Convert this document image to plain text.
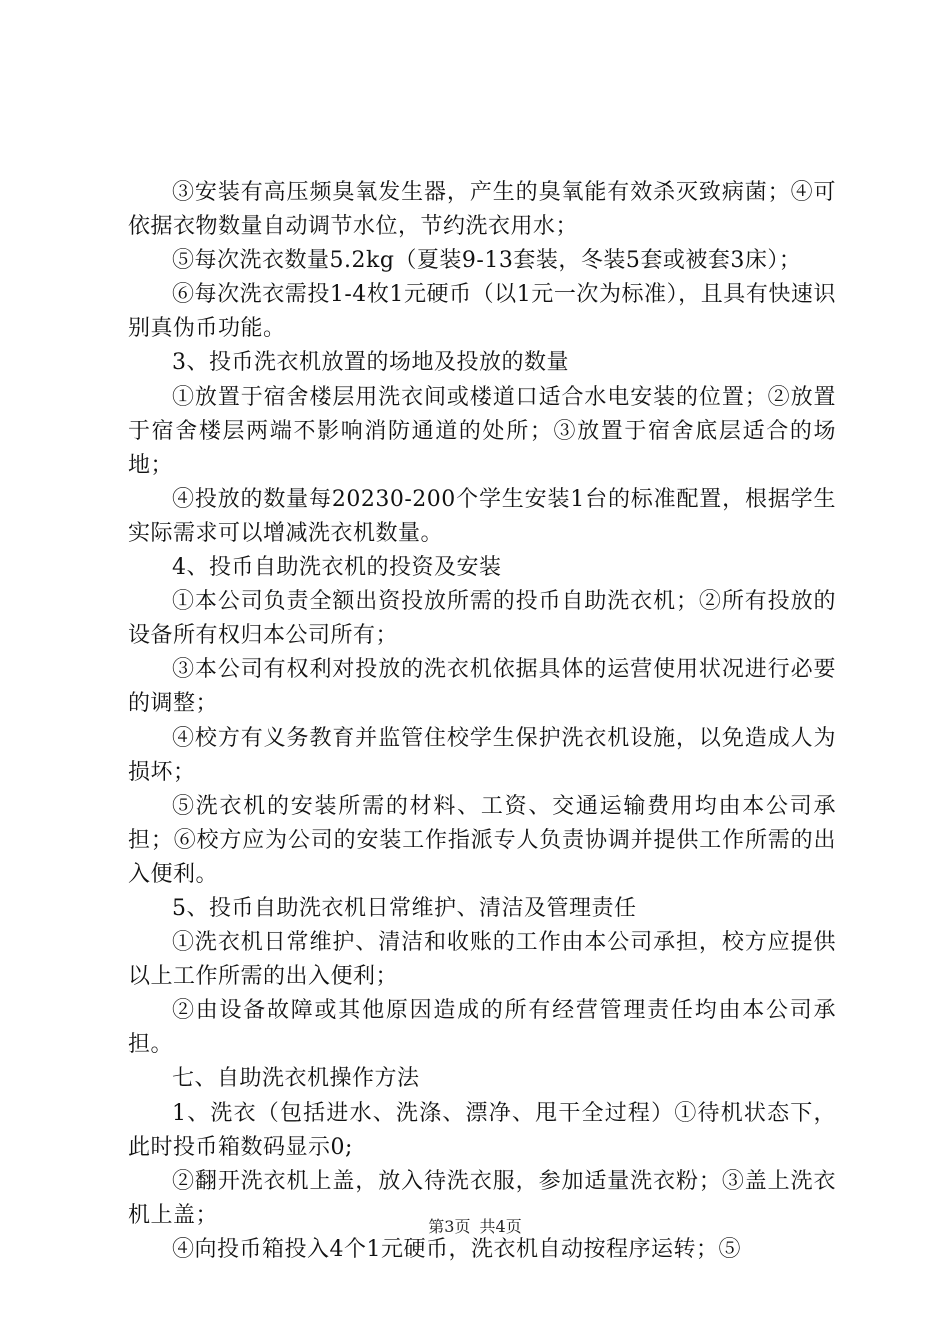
③安装有高压频臭氧发生器，产生的臭氧能有效杀灭致病菌；④可依据衣物数量自动调节水位，节约洗衣用水；

⑤每次洗衣数量5.2kg（夏装9-13套装，冬装5套或被套3床）；

⑥每次洗衣需投1-4枚1元硬币（以1元一次为标准），且具有快速识别真伪币功能。

3、投币洗衣机放置的场地及投放的数量

①放置于宿舍楼层用洗衣间或楼道口适合水电安装的位置；②放置于宿舍楼层两端不影响消防通道的处所；③放置于宿舍底层适合的场地；

④投放的数量每20230-200个学生安装1台的标准配置，根据学生实际需求可以增减洗衣机数量。

4、投币自助洗衣机的投资及安装

①本公司负责全额出资投放所需的投币自助洗衣机；②所有投放的设备所有权归本公司所有；

③本公司有权利对投放的洗衣机依据具体的运营使用状况进行必要的调整；

④校方有义务教育并监管住校学生保护洗衣机设施，以免造成人为损坏；

⑤洗衣机的安装所需的材料、工资、交通运输费用均由本公司承担；⑥校方应为公司的安装工作指派专人负责协调并提供工作所需的出入便利。

5、投币自助洗衣机日常维护、清洁及管理责任

①洗衣机日常维护、清洁和收账的工作由本公司承担，校方应提供以上工作所需的出入便利；

②由设备故障或其他原因造成的所有经营管理责任均由本公司承担。

七、自助洗衣机操作方法

1、洗衣（包括进水、洗涤、漂净、甩干全过程）①待机状态下，此时投币箱数码显示0;

②翻开洗衣机上盖，放入待洗衣服，参加适量洗衣粉；③盖上洗衣机上盖；

④向投币箱投入4个1元硬币，洗衣机自动按程序运转；⑤

第3页 共4页
